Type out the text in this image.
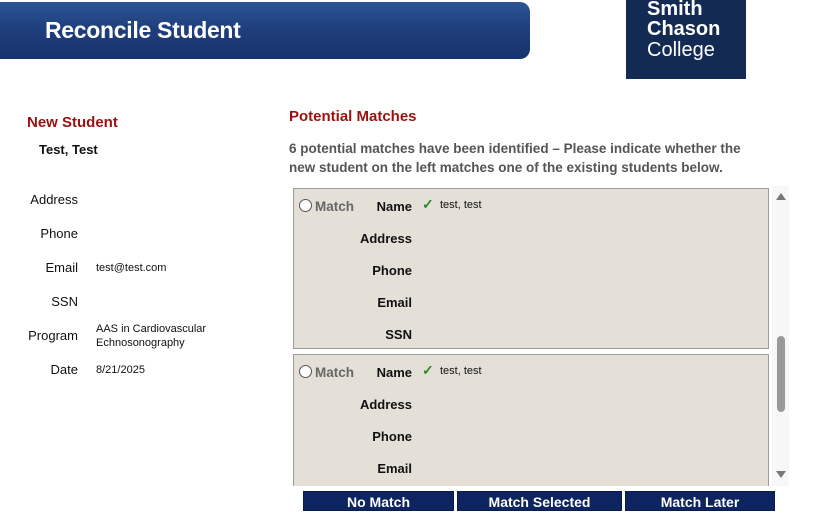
Reconcile Student
Smith
Chason
College
New Student
Test, Test
Address
Phone
Email test@test.com
SSN
Program AAS in Cardiovascular Echnosonography
Date 8/21/2025
Potential Matches
6 potential matches have been identified – Please indicate whether the new student on the left matches one of the existing students below.
Match	Name ✓ test, test
Address
Phone
Email
SSN
Match	Name ✓ test, test
Address
Phone
Email
No Match	Match Selected	Match Later
